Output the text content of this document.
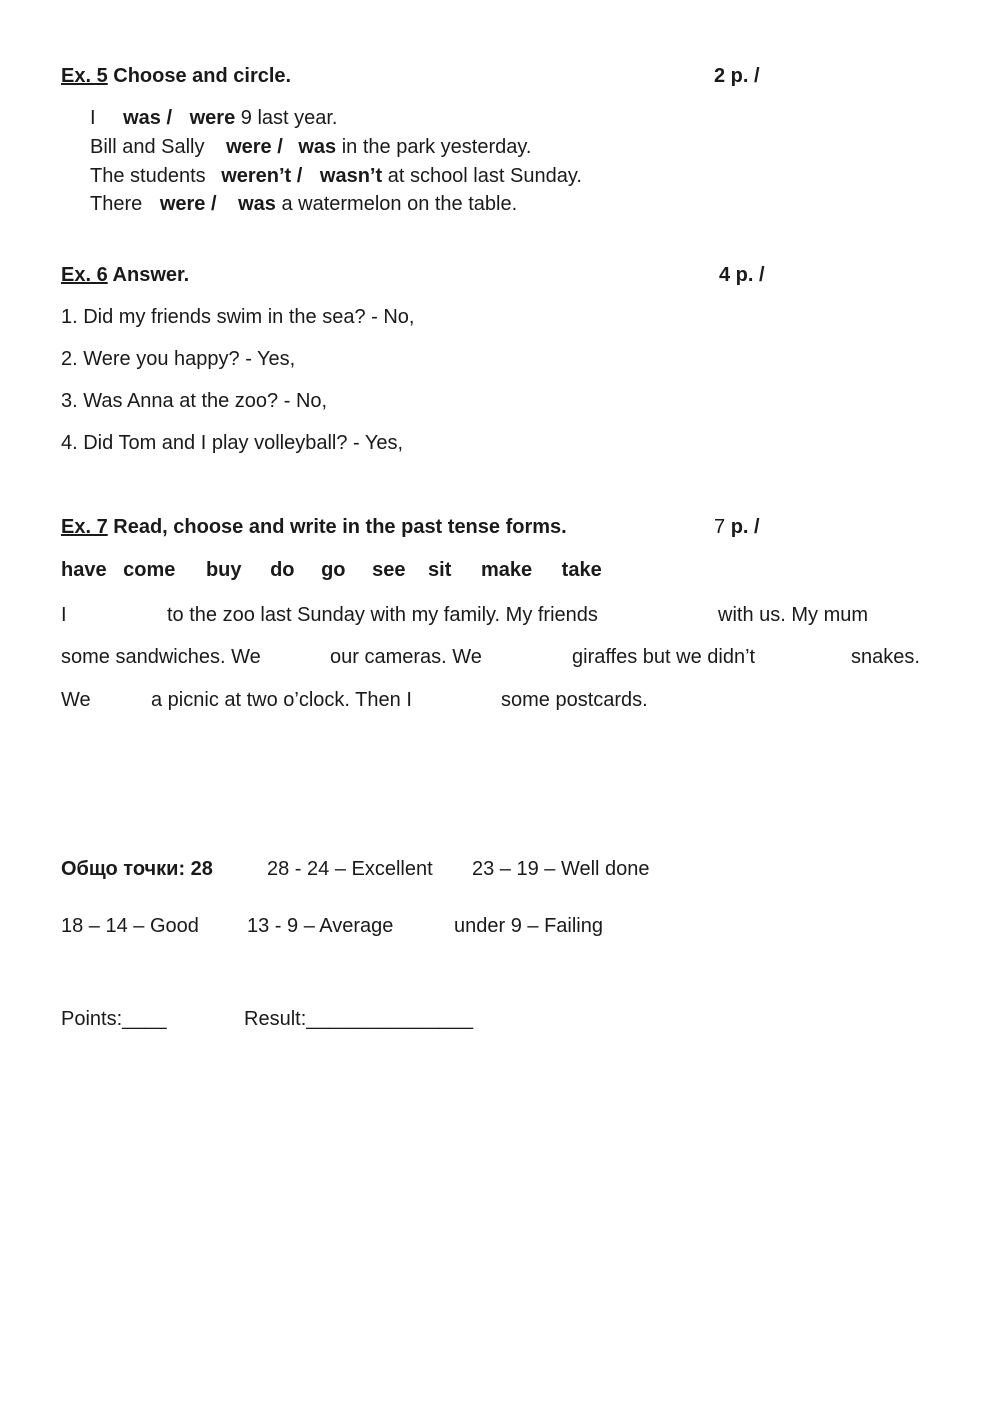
Ex. 5 Choose and circle.	2 p. /
I was / were 9 last year.
Bill and Sally were / was in the park yesterday.
The students weren’t / wasn’t at school last Sunday.
There were / was a watermelon on the table.
Ex. 6 Answer.	4 p. /
1. Did my friends swim in the sea? - No,
2. Were you happy? - Yes,
3. Was Anna at the zoo? - No,
4. Did Tom and I play volleyball? - Yes,
Ex. 7 Read, choose and write in the past tense forms.	7 p. /
have come buy do go see sit make take
I	to the zoo last Sunday with my family. My friends	with us. My mum
some sandwiches. We	our cameras. We	giraffes but we didn’t	snakes.
We	a picnic at two o’clock. Then I	some postcards.
Общо точки: 28	28 - 24 – Excellent 23 – 19 – Well done
18 – 14 – Good 13 - 9 – Average	under 9 – Failing
Points:____	Result:_______________
